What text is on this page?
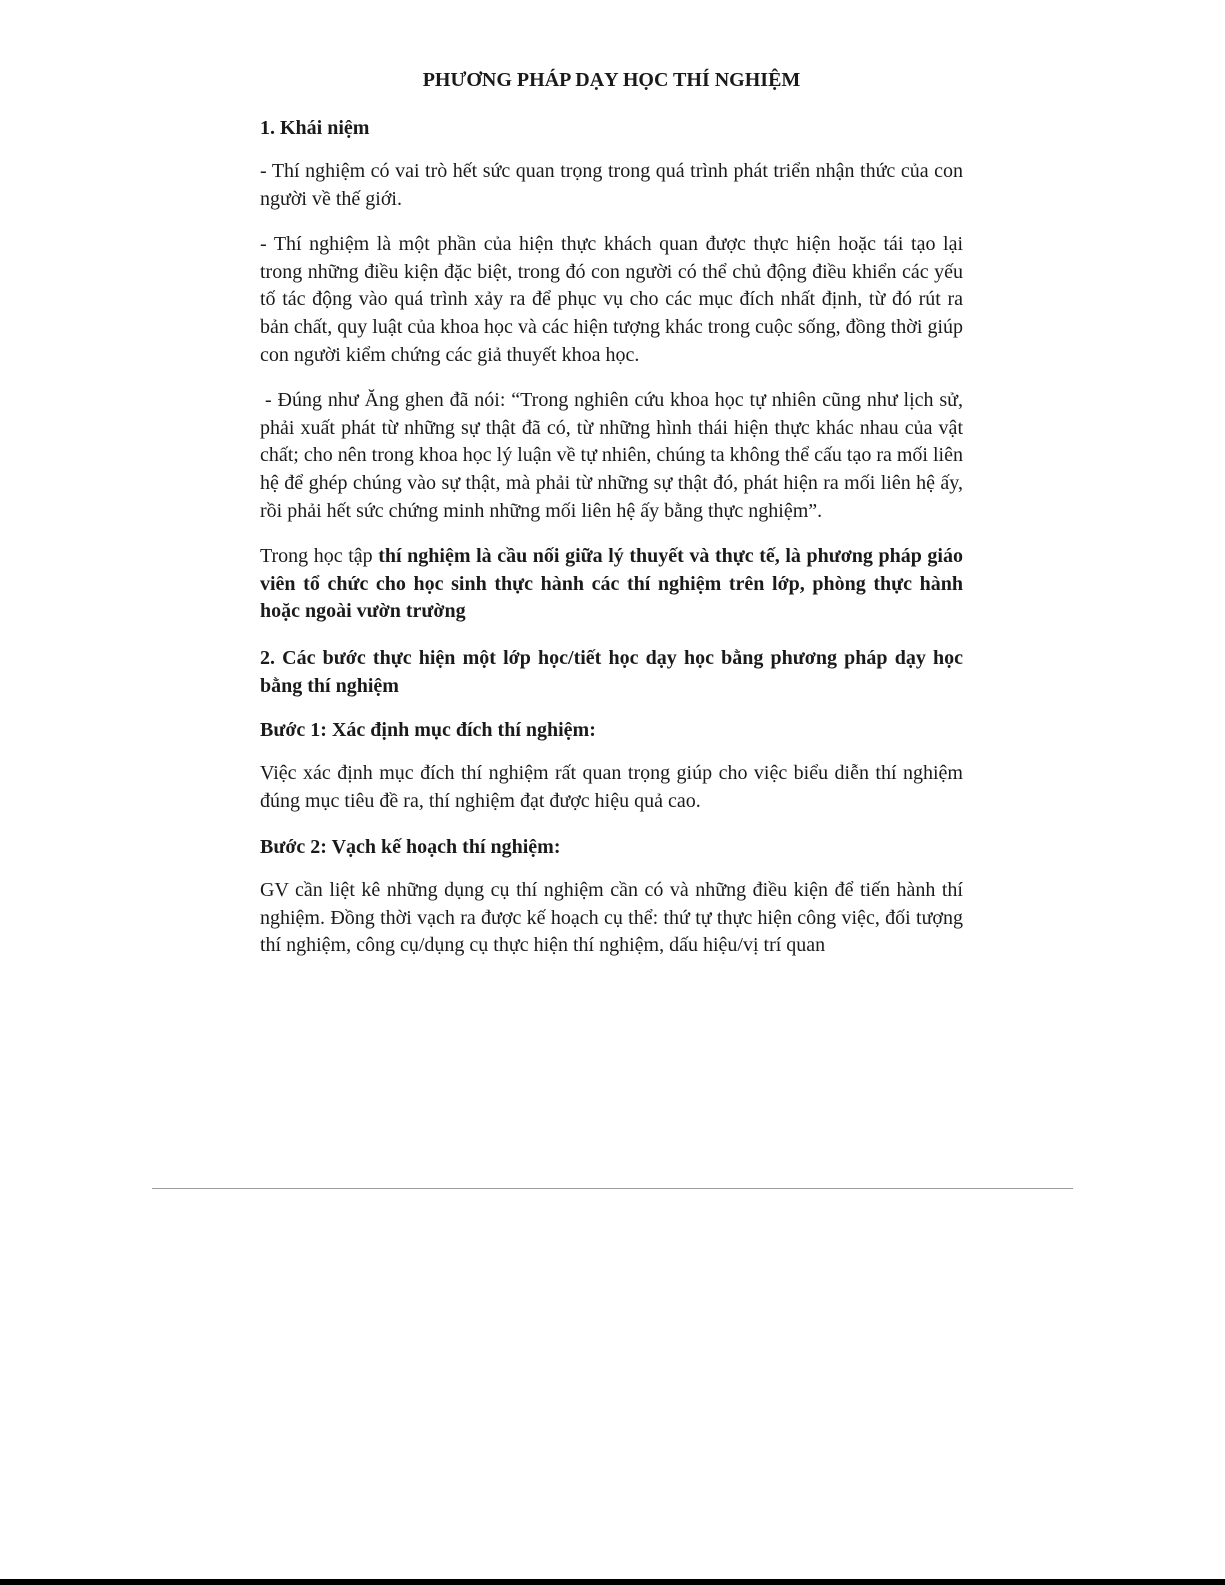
PHƯƠNG PHÁP DẠY HỌC THÍ NGHIỆM
1. Khái niệm

- Thí nghiệm có vai trò hết sức quan trọng trong quá trình phát triển nhận thức của con người về thế giới.

- Thí nghiệm là một phần của hiện thực khách quan được thực hiện hoặc tái tạo lại trong những điều kiện đặc biệt, trong đó con người có thể chủ động điều khiển các yếu tố tác động vào quá trình xảy ra để phục vụ cho các mục đích nhất định, từ đó rút ra bản chất, quy luật của khoa học và các hiện tượng khác trong cuộc sống, đồng thời giúp con người kiểm chứng các giả thuyết khoa học.

- Đúng như Ăng ghen đã nói: “Trong nghiên cứu khoa học tự nhiên cũng như lịch sử, phải xuất phát từ những sự thật đã có, từ những hình thái hiện thực khác nhau của vật chất; cho nên trong khoa học lý luận về tự nhiên, chúng ta không thể cấu tạo ra mối liên hệ để ghép chúng vào sự thật, mà phải từ những sự thật đó, phát hiện ra mối liên hệ ấy, rồi phải hết sức chứng minh những mối liên hệ ấy bằng thực nghiệm”.

Trong học tập thí nghiệm là cầu nối giữa lý thuyết và thực tế, là phương pháp giáo viên tổ chức cho học sinh thực hành các thí nghiệm trên lớp, phòng thực hành hoặc ngoài vườn trường

2. Các bước thực hiện một lớp học/tiết học dạy học bằng phương pháp dạy học bằng thí nghiệm
Bước 1: Xác định mục đích thí nghiệm:

Việc xác định mục đích thí nghiệm rất quan trọng giúp cho việc biểu diễn thí nghiệm đúng mục tiêu đề ra, thí nghiệm đạt được hiệu quả cao.

Bước 2: Vạch kế hoạch thí nghiệm:

GV cần liệt kê những dụng cụ thí nghiệm cần có và những điều kiện để tiến hành thí nghiệm. Đồng thời vạch ra được kế hoạch cụ thể: thứ tự thực hiện công việc, đối tượng thí nghiệm, công cụ/dụng cụ thực hiện thí nghiệm, dấu hiệu/vị trí quan
